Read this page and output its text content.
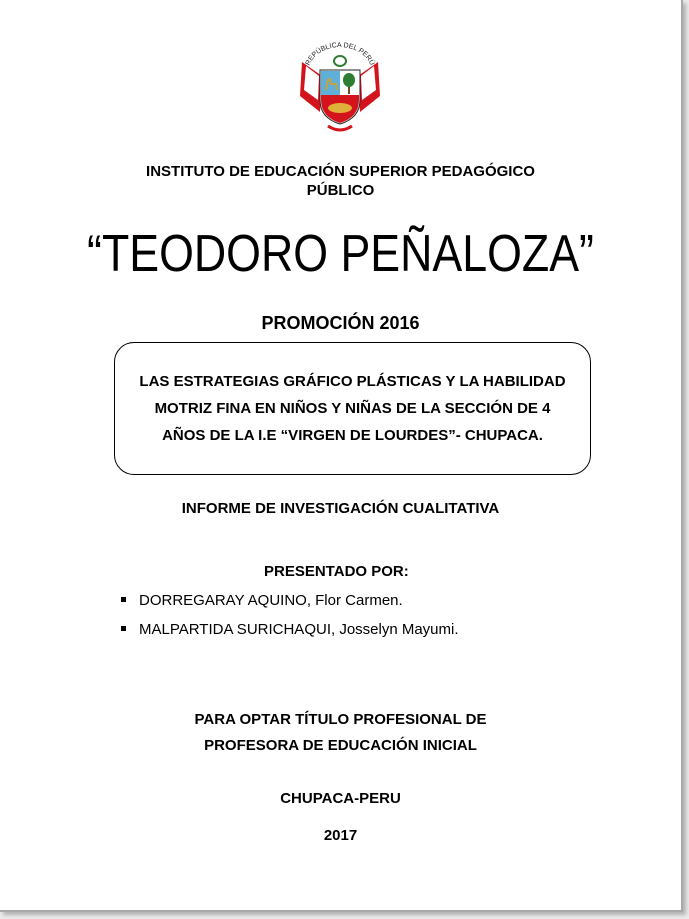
REPÚBLICA DEL PERÚ
INSTITUTO DE EDUCACIÓN SUPERIOR PEDAGÓGICO
PÚBLICO
“TEODORO PEÑALOZA”
PROMOCIÓN 2016
LAS ESTRATEGIAS GRÁFICO PLÁSTICAS Y LA HABILIDAD
MOTRIZ FINA EN NIÑOS Y NIÑAS DE LA SECCIÓN DE 4
AÑOS DE LA I.E “VIRGEN DE LOURDES”- CHUPACA.
INFORME DE INVESTIGACIÓN CUALITATIVA
PRESENTADO POR:
DORREGARAY AQUINO, Flor Carmen.
MALPARTIDA SURICHAQUI, Josselyn Mayumi.
PARA OPTAR TÍTULO PROFESIONAL DE
PROFESORA DE EDUCACIÓN INICIAL
CHUPACA-PERU
2017
